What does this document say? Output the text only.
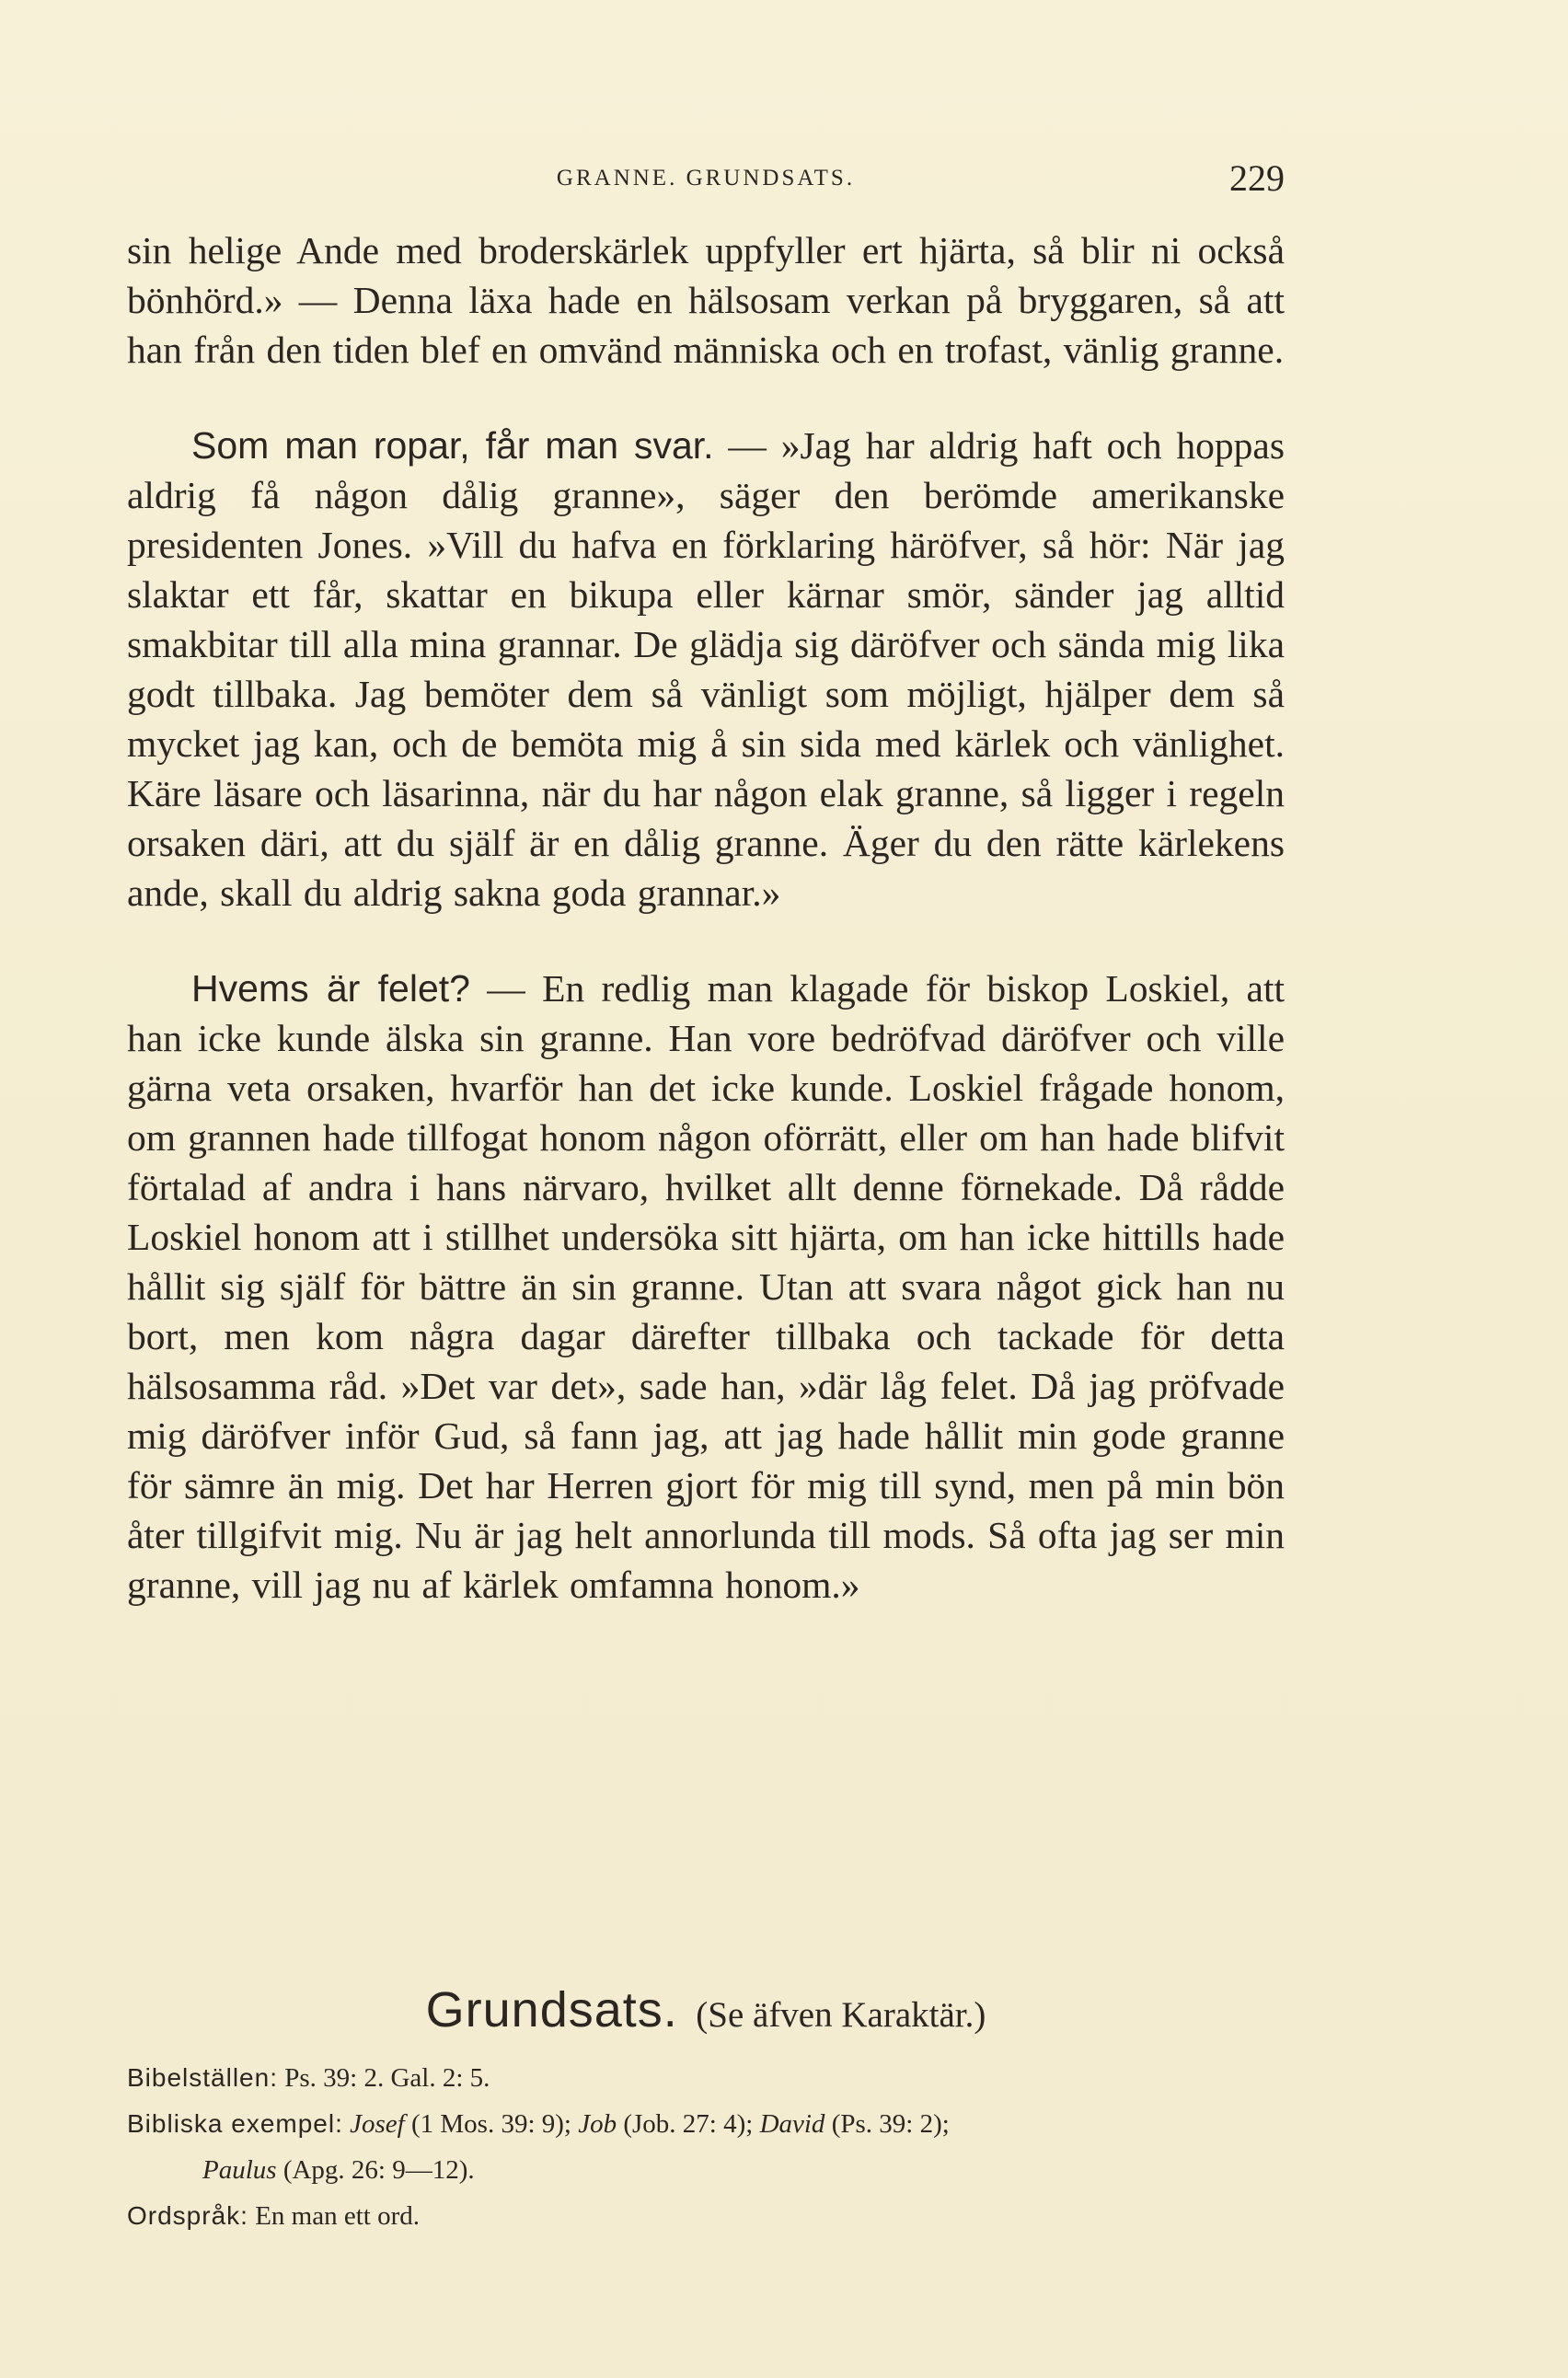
GRANNE. GRUNDSATS.	229

sin helige Ande med broderskärlek uppfyller ert hjärta, så blir ni också bönhörd.» — Denna läxa hade en hälsosam verkan på bryggaren, så att han från den tiden blef en omvänd människa och en trofast, vänlig granne.

Som man ropar, får man svar. — »Jag har aldrig haft och hoppas aldrig få någon dålig granne», säger den berömde amerikanske presidenten Jones. »Vill du hafva en förklaring häröfver, så hör: När jag slaktar ett får, skattar en bikupa eller kärnar smör, sänder jag alltid smakbitar till alla mina grannar. De glädja sig däröfver och sända mig lika godt tillbaka. Jag bemöter dem så vänligt som möjligt, hjälper dem så mycket jag kan, och de bemöta mig å sin sida med kärlek och vänlighet. Käre läsare och läsarinna, när du har någon elak granne, så ligger i regeln orsaken däri, att du själf är en dålig granne. Äger du den rätte kärlekens ande, skall du aldrig sakna goda grannar.»

Hvems är felet? — En redlig man klagade för biskop Loskiel, att han icke kunde älska sin granne. Han vore bedröfvad däröfver och ville gärna veta orsaken, hvarför han det icke kunde. Loskiel frågade honom, om grannen hade tillfogat honom någon oförrätt, eller om han hade blifvit förtalad af andra i hans närvaro, hvilket allt denne förnekade. Då rådde Loskiel honom att i stillhet undersöka sitt hjärta, om han icke hittills hade hållit sig själf för bättre än sin granne. Utan att svara något gick han nu bort, men kom några dagar därefter tillbaka och tackade för detta hälsosamma råd. »Det var det», sade han, »där låg felet. Då jag pröfvade mig däröfver inför Gud, så fann jag, att jag hade hållit min gode granne för sämre än mig. Det har Herren gjort för mig till synd, men på min bön åter tillgifvit mig. Nu är jag helt annorlunda till mods. Så ofta jag ser min granne, vill jag nu af kärlek omfamna honom.»

Grundsats. (Se äfven Karaktär.)
Bibelställen: Ps. 39: 2. Gal. 2: 5.
Bibliska exempel: Josef (1 Mos. 39: 9); Job (Job. 27: 4); David (Ps. 39: 2);
Paulus (Apg. 26: 9—12).
Ordspråk: En man ett ord.
